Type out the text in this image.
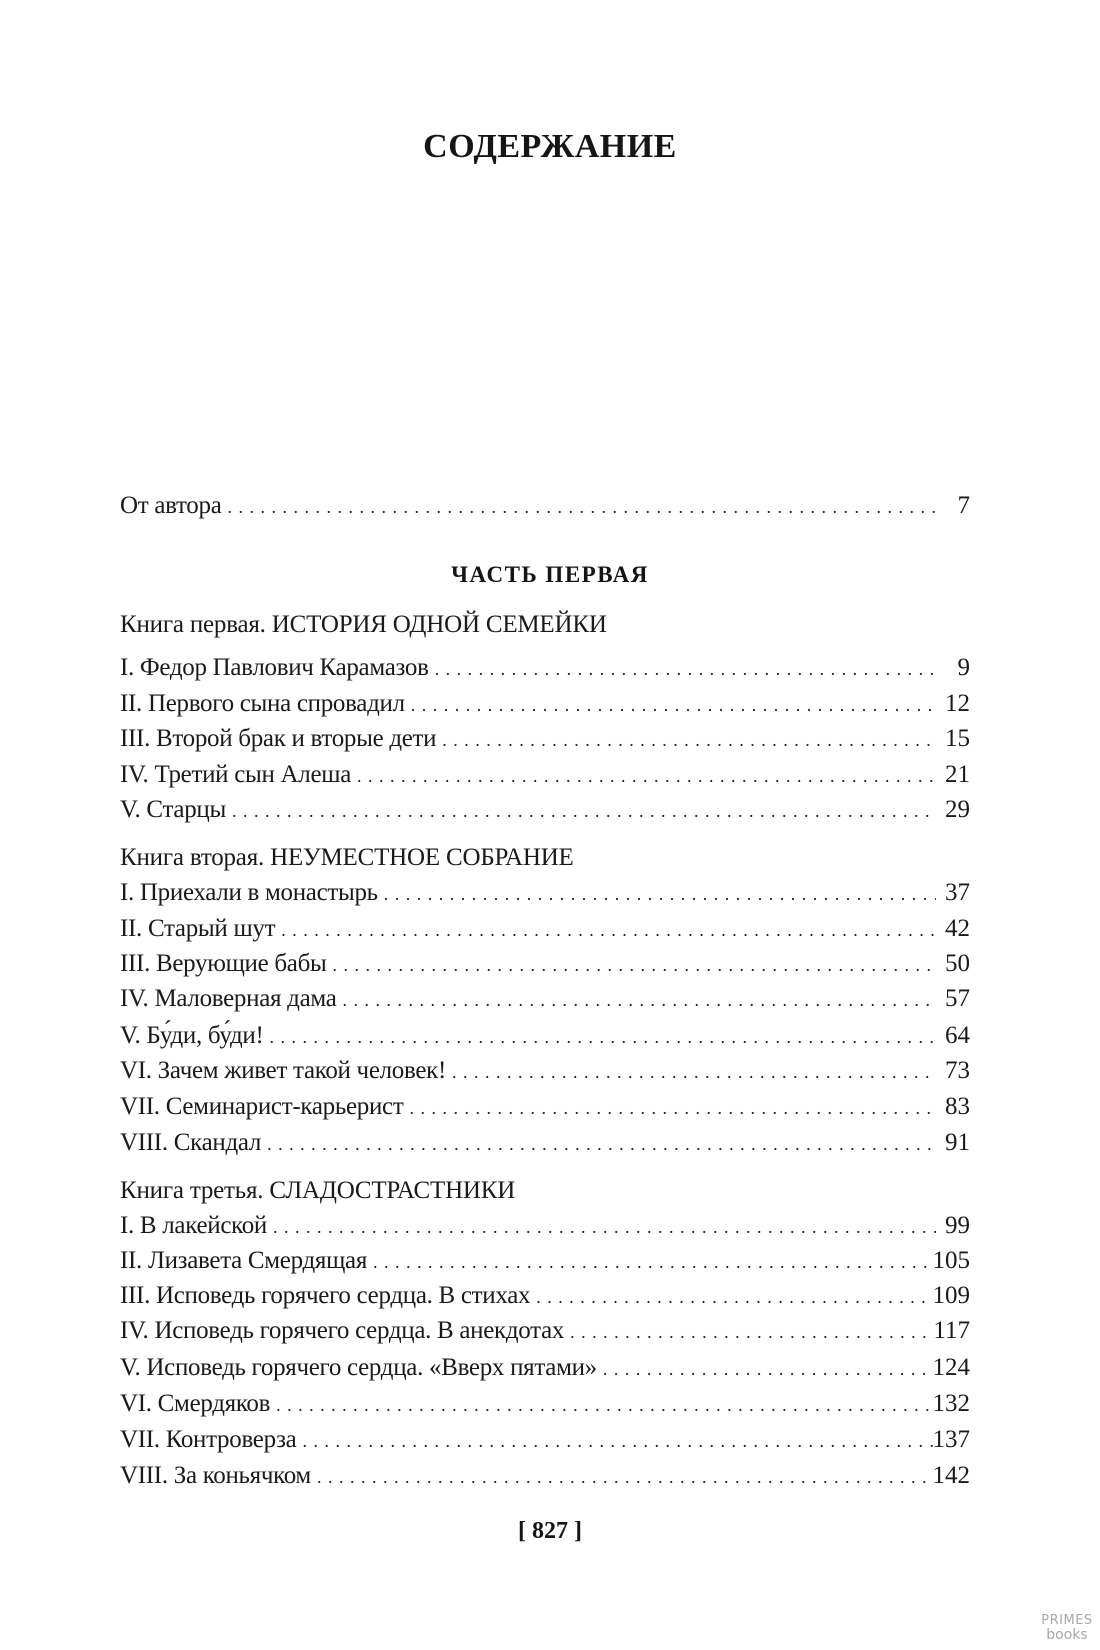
СОДЕРЖАНИЕ
От автора . . .	7
ЧАСТЬ ПЕРВАЯ
Книга первая. ИСТОРИЯ ОДНОЙ СЕМЕЙКИ
I. Федор Павлович Карамазов . . .	9
II. Первого сына спровадил . . .	12
III. Второй брак и вторые дети . . .	15
IV. Третий сын Алеша . . .	21
V. Старцы . . .	29
Книга вторая. НЕУМЕСТНОЕ СОБРАНИЕ
I. Приехали в монастырь . . .	37
II. Старый шут . . .	42
III. Верующие бабы . . .	50
IV. Маловерная дама . . .	57
V. Бу́ди, бу́ди! . . .	64
VI. Зачем живет такой человек! . . .	73
VII. Семинарист-карьерист . . .	83
VIII. Скандал . . .	91
Книга третья. СЛАДОСТРАСТНИКИ
I. В лакейской . . .	99
II. Лизавета Смердящая . . .	105
III. Исповедь горячего сердца. В стихах . . .	109
IV. Исповедь горячего сердца. В анекдотах . . .	117
V. Исповедь горячего сердца. «Вверх пятами» . . .	124
VI. Смердяков . . .	132
VII. Контроверза . . .	137
VIII. За коньячком . . .	142
[ 827 ]
PRIMES
books
